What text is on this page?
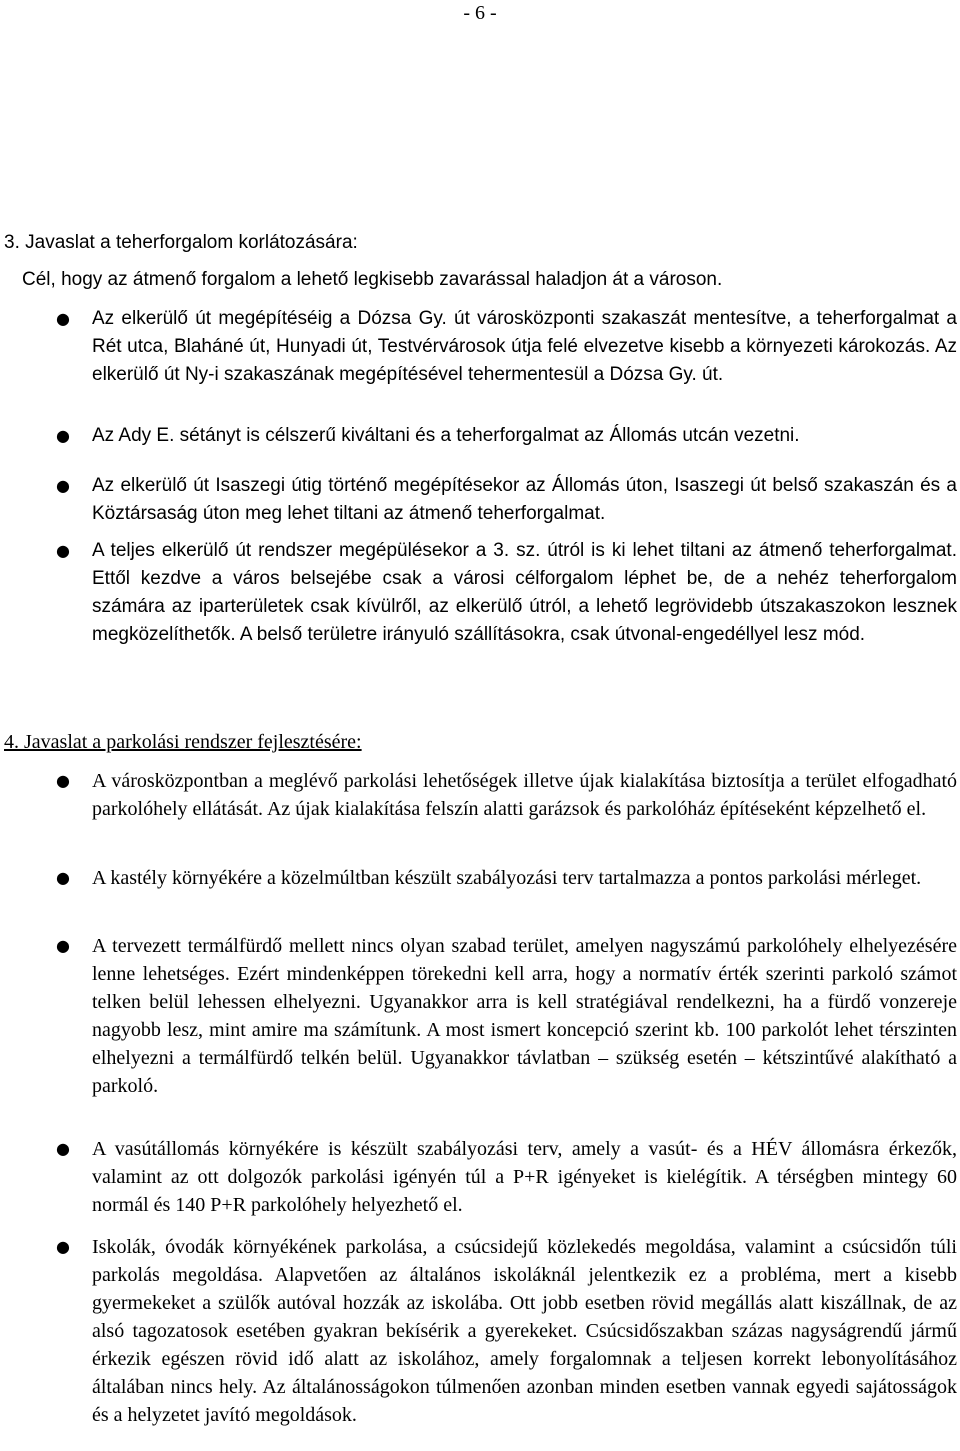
- 6 -
3. Javaslat a teherforgalom korlátozására:
Cél, hogy az átmenő forgalom a lehető legkisebb zavarással haladjon át a városon.
● Az elkerülő út megépítéséig a Dózsa Gy. út városközponti szakaszát mentesítve, a teherforgalmat a Rét utca, Blaháné út, Hunyadi út, Testvérvárosok útja felé elvezetve kisebb a környezeti károkozás. Az elkerülő út Ny-i szakaszának megépítésével tehermentesül a Dózsa Gy. út.
● Az Ady E. sétányt is célszerű kiváltani és a teherforgalmat az Állomás utcán vezetni.
● Az elkerülő út Isaszegi útig történő megépítésekor az Állomás úton, Isaszegi út belső szakaszán és a Köztársaság úton meg lehet tiltani az átmenő teherforgalmat.
● A teljes elkerülő út rendszer megépülésekor a 3. sz. útról is ki lehet tiltani az átmenő teherforgalmat. Ettől kezdve a város belsejébe csak a városi célforgalom léphet be, de a nehéz teherforgalom számára az iparterületek csak kívülről, az elkerülő útról, a lehető legrövidebb útszakaszokon lesznek megközelíthetők. A belső területre irányuló szállításokra, csak útvonal-engedéllyel lesz mód.
4. Javaslat a parkolási rendszer fejlesztésére:
● A városközpontban a meglévő parkolási lehetőségek illetve újak kialakítása biztosítja a terület elfogadható parkolóhely ellátását. Az újak kialakítása felszín alatti garázsok és parkolóház építéseként képzelhető el.
● A kastély környékére a közelmúltban készült szabályozási terv tartalmazza a pontos parkolási mérleget.
● A tervezett termálfürdő mellett nincs olyan szabad terület, amelyen nagyszámú parkolóhely elhelyezésére lenne lehetséges. Ezért mindenképpen törekedni kell arra, hogy a normatív érték szerinti parkoló számot telken belül lehessen elhelyezni. Ugyanakkor arra is kell stratégiával rendelkezni, ha a fürdő vonzereje nagyobb lesz, mint amire ma számítunk. A most ismert koncepció szerint kb. 100 parkolót lehet térszinten elhelyezni a termálfürdő telkén belül. Ugyanakkor távlatban – szükség esetén – kétszintűvé alakítható a parkoló.
● A vasútállomás környékére is készült szabályozási terv, amely a vasút- és a HÉV állomásra érkezők, valamint az ott dolgozók parkolási igényén túl a P+R igényeket is kielégítik. A térségben mintegy 60 normál és 140 P+R parkolóhely helyezhető el.
● Iskolák, óvodák környékének parkolása, a csúcsidejű közlekedés megoldása, valamint a csúcsidőn túli parkolás megoldása. Alapvetően az általános iskoláknál jelentkezik ez a probléma, mert a kisebb gyermekeket a szülők autóval hozzák az iskolába. Ott jobb esetben rövid megállás alatt kiszállnak, de az alsó tagozatosok esetében gyakran bekísérik a gyerekeket. Csúcsidőszakban százas nagyságrendű jármű érkezik egészen rövid idő alatt az iskolához, amely forgalomnak a teljesen korrekt lebonyolításához általában nincs hely. Az általánosságokon túlmenően azonban minden esetben vannak egyedi sajátosságok és a helyzetet javító megoldások.
